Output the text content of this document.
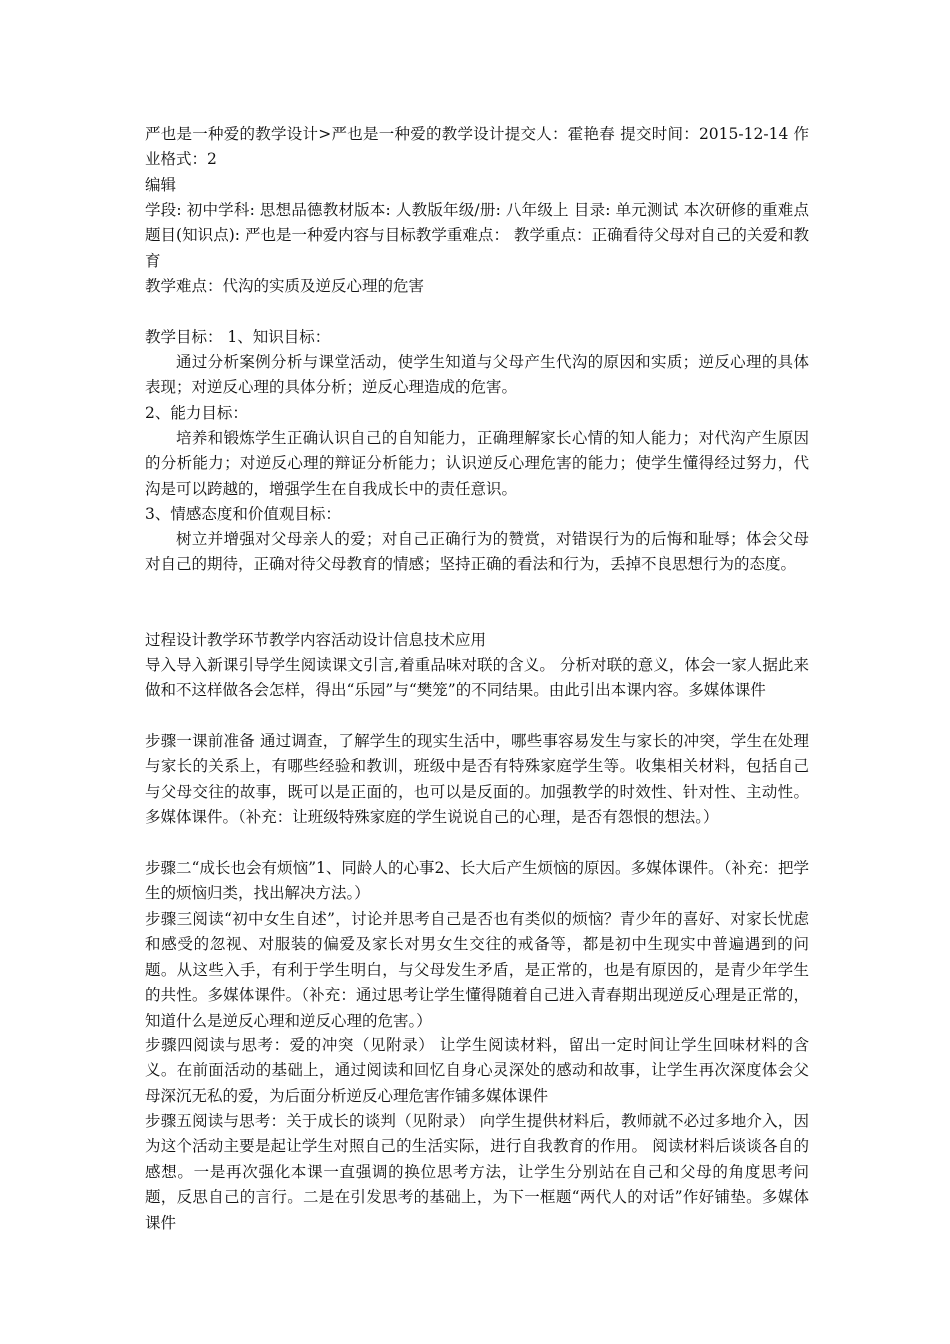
严也是一种爱的教学设计>严也是一种爱的教学设计提交人：霍艳春 提交时间：2015-12-14 作业格式：2

编辑

学段: 初中学科: 思想品德教材版本: 人教版年级/册: 八年级上 目录: 单元测试 本次研修的重难点题目(知识点): 严也是一种爱内容与目标教学重难点： 教学重点：正确看待父母对自己的关爱和教育

教学难点：代沟的实质及逆反心理的危害

教学目标： 1、知识目标：

通过分析案例分析与课堂活动，使学生知道与父母产生代沟的原因和实质；逆反心理的具体表现；对逆反心理的具体分析；逆反心理造成的危害。

2、能力目标：

培养和锻炼学生正确认识自己的自知能力，正确理解家长心情的知人能力；对代沟产生原因的分析能力；对逆反心理的辩证分析能力；认识逆反心理危害的能力；使学生懂得经过努力，代沟是可以跨越的，增强学生在自我成长中的责任意识。

3、情感态度和价值观目标：

树立并增强对父母亲人的爱；对自己正确行为的赞赏，对错误行为的后悔和耻辱；体会父母对自己的期待，正确对待父母教育的情感；坚持正确的看法和行为，丢掉不良思想行为的态度。

过程设计教学环节教学内容活动设计信息技术应用

导入导入新课引导学生阅读课文引言,着重品味对联的含义。 分析对联的意义，体会一家人据此来做和不这样做各会怎样，得出“乐园”与“樊笼”的不同结果。由此引出本课内容。多媒体课件

步骤一课前准备 通过调查，了解学生的现实生活中，哪些事容易发生与家长的冲突，学生在处理与家长的关系上，有哪些经验和教训，班级中是否有特殊家庭学生等。收集相关材料，包括自己与父母交往的故事，既可以是正面的，也可以是反面的。加强教学的时效性、针对性、主动性。多媒体课件。（补充：让班级特殊家庭的学生说说自己的心理，是否有怨恨的想法。）

步骤二“成长也会有烦恼”1、同龄人的心事2、长大后产生烦恼的原因。多媒体课件。（补充：把学生的烦恼归类，找出解决方法。）

步骤三阅读“初中女生自述”，讨论并思考自己是否也有类似的烦恼？青少年的喜好、对家长忧虑和感受的忽视、对服装的偏爱及家长对男女生交往的戒备等，都是初中生现实中普遍遇到的问题。从这些入手，有利于学生明白，与父母发生矛盾，是正常的，也是有原因的，是青少年学生的共性。多媒体课件。（补充：通过思考让学生懂得随着自己进入青春期出现逆反心理是正常的，知道什么是逆反心理和逆反心理的危害。）

步骤四阅读与思考：爱的冲突（见附录） 让学生阅读材料，留出一定时间让学生回味材料的含义。在前面活动的基础上，通过阅读和回忆自身心灵深处的感动和故事，让学生再次深度体会父母深沉无私的爱，为后面分析逆反心理危害作铺多媒体课件

步骤五阅读与思考：关于成长的谈判（见附录） 向学生提供材料后，教师就不必过多地介入，因为这个活动主要是起让学生对照自己的生活实际，进行自我教育的作用。 阅读材料后谈谈各自的感想。一是再次强化本课一直强调的换位思考方法，让学生分别站在自己和父母的角度思考问题，反思自己的言行。二是在引发思考的基础上，为下一框题“两代人的对话”作好铺垫。多媒体课件
